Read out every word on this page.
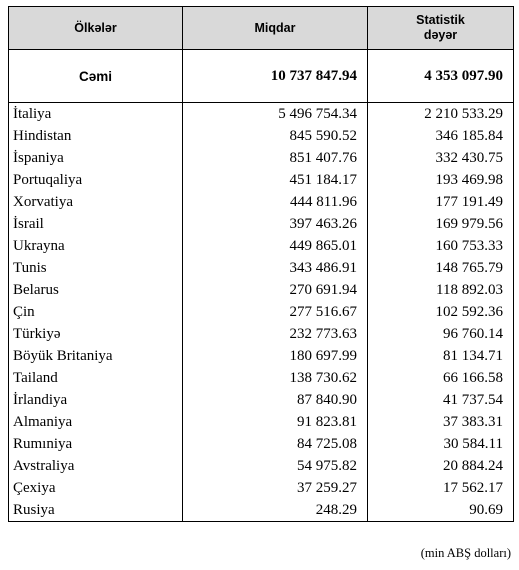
Ölkələr	Miqdar	Statistik
dəyər
Cəmi	10 737 847.94	4 353 097.90
İtaliya	5 496 754.34	2 210 533.29
Hindistan	845 590.52	346 185.84
İspaniya	851 407.76	332 430.75
Portuqaliya	451 184.17	193 469.98
Xorvatiya	444 811.96	177 191.49
İsrail	397 463.26	169 979.56
Ukrayna	449 865.01	160 753.33
Tunis	343 486.91	148 765.79
Belarus	270 691.94	118 892.03
Çin	277 516.67	102 592.36
Türkiyə	232 773.63	96 760.14
Böyük Britaniya	180 697.99	81 134.71
Tailand	138 730.62	66 166.58
İrlandiya	87 840.90	41 737.54
Almaniya	91 823.81	37 383.31
Rumıniya	84 725.08	30 584.11
Avstraliya	54 975.82	20 884.24
Çexiya	37 259.27	17 562.17
Rusiya	248.29	90.69
(min ABŞ dolları)
